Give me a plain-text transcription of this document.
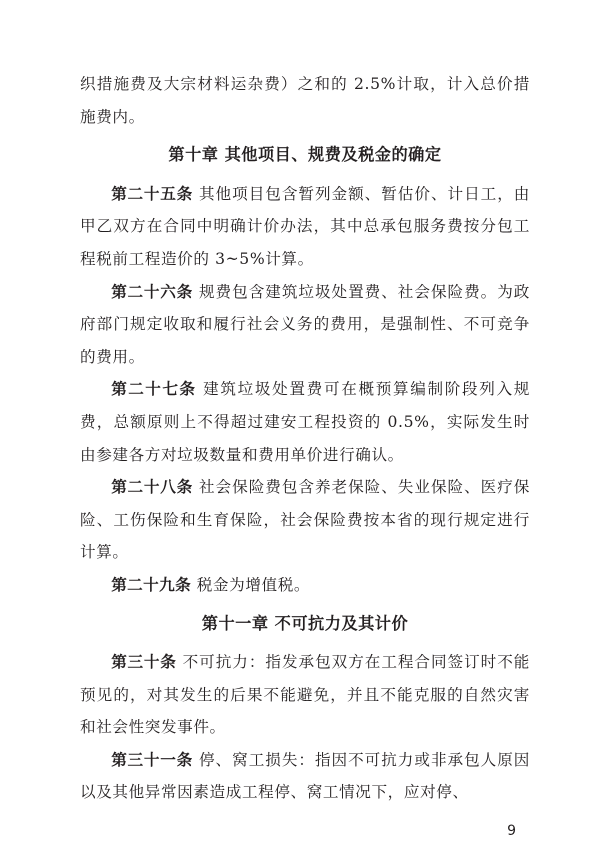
织措施费及大宗材料运杂费）之和的 2.5%计取，计入总价措施费内。

第十章 其他项目、规费及税金的确定

第二十五条 其他项目包含暂列金额、暂估价、计日工，由甲乙双方在合同中明确计价办法，其中总承包服务费按分包工程税前工程造价的 3~5%计算。

第二十六条 规费包含建筑垃圾处置费、社会保险费。为政府部门规定收取和履行社会义务的费用，是强制性、不可竞争的费用。

第二十七条 建筑垃圾处置费可在概预算编制阶段列入规费，总额原则上不得超过建安工程投资的 0.5%，实际发生时由参建各方对垃圾数量和费用单价进行确认。

第二十八条 社会保险费包含养老保险、失业保险、医疗保险、工伤保险和生育保险，社会保险费按本省的现行规定进行计算。

第二十九条 税金为增值税。

第十一章 不可抗力及其计价

第三十条 不可抗力：指发承包双方在工程合同签订时不能预见的，对其发生的后果不能避免，并且不能克服的自然灾害和社会性突发事件。

第三十一条 停、窝工损失：指因不可抗力或非承包人原因以及其他异常因素造成工程停、窝工情况下，应对停、

9
